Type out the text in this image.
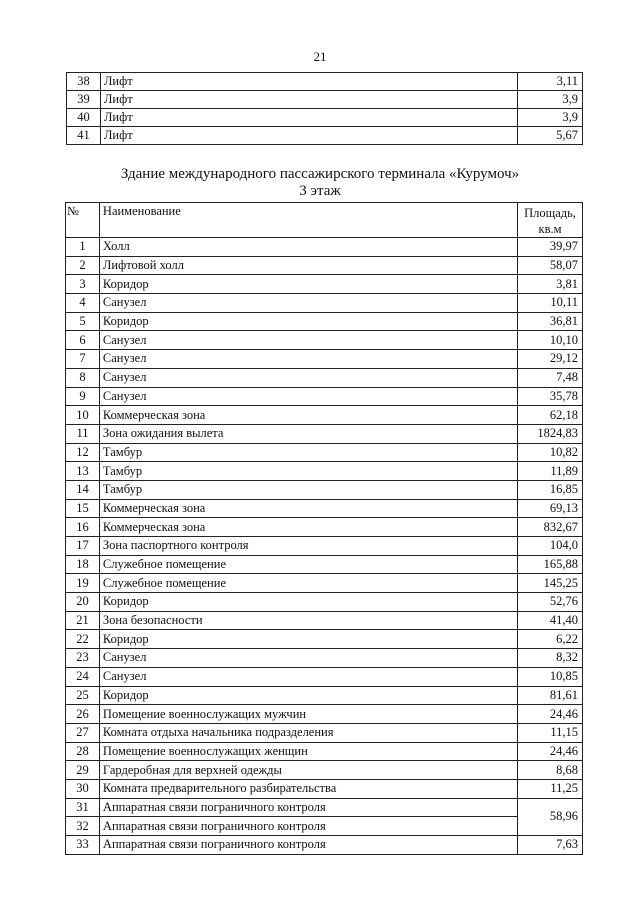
21
38	Лифт	3,11
39	Лифт	3,9
40	Лифт	3,9
41	Лифт	5,67
Здание международного пассажирского терминала «Курумоч»
3 этаж
№	Наименование	Площадь,
кв.м

1	Холл	39,97
2	Лифтовой холл	58,07
3	Коридор	3,81
4	Санузел	10,11
5	Коридор	36,81
6	Санузел	10,10
7	Санузел	29,12
8	Санузел	7,48
9	Санузел	35,78
10	Коммерческая зона	62,18
11	Зона ожидания вылета	1824,83
12	Тамбур	10,82
13	Тамбур	11,89
14	Тамбур	16,85
15	Коммерческая зона	69,13
16	Коммерческая зона	832,67
17	Зона паспортного контроля	104,0
18	Служебное помещение	165,88
19	Служебное помещение	145,25
20	Коридор	52,76
21	Зона безопасности	41,40
22	Коридор	6,22
23	Санузел	8,32
24	Санузел	10,85
25	Коридор	81,61
26	Помещение военнослужащих мужчин	24,46
27	Комната отдыха начальника подразделения	11,15
28	Помещение военнослужащих женщин	24,46
29	Гардеробная для верхней одежды	8,68
30	Комната предварительного разбирательства	11,25
31	Аппаратная связи пограничного контроля	58,96
32	Аппаратная связи пограничного контроля	
33	Аппаратная связи пограничного контроля	7,63
